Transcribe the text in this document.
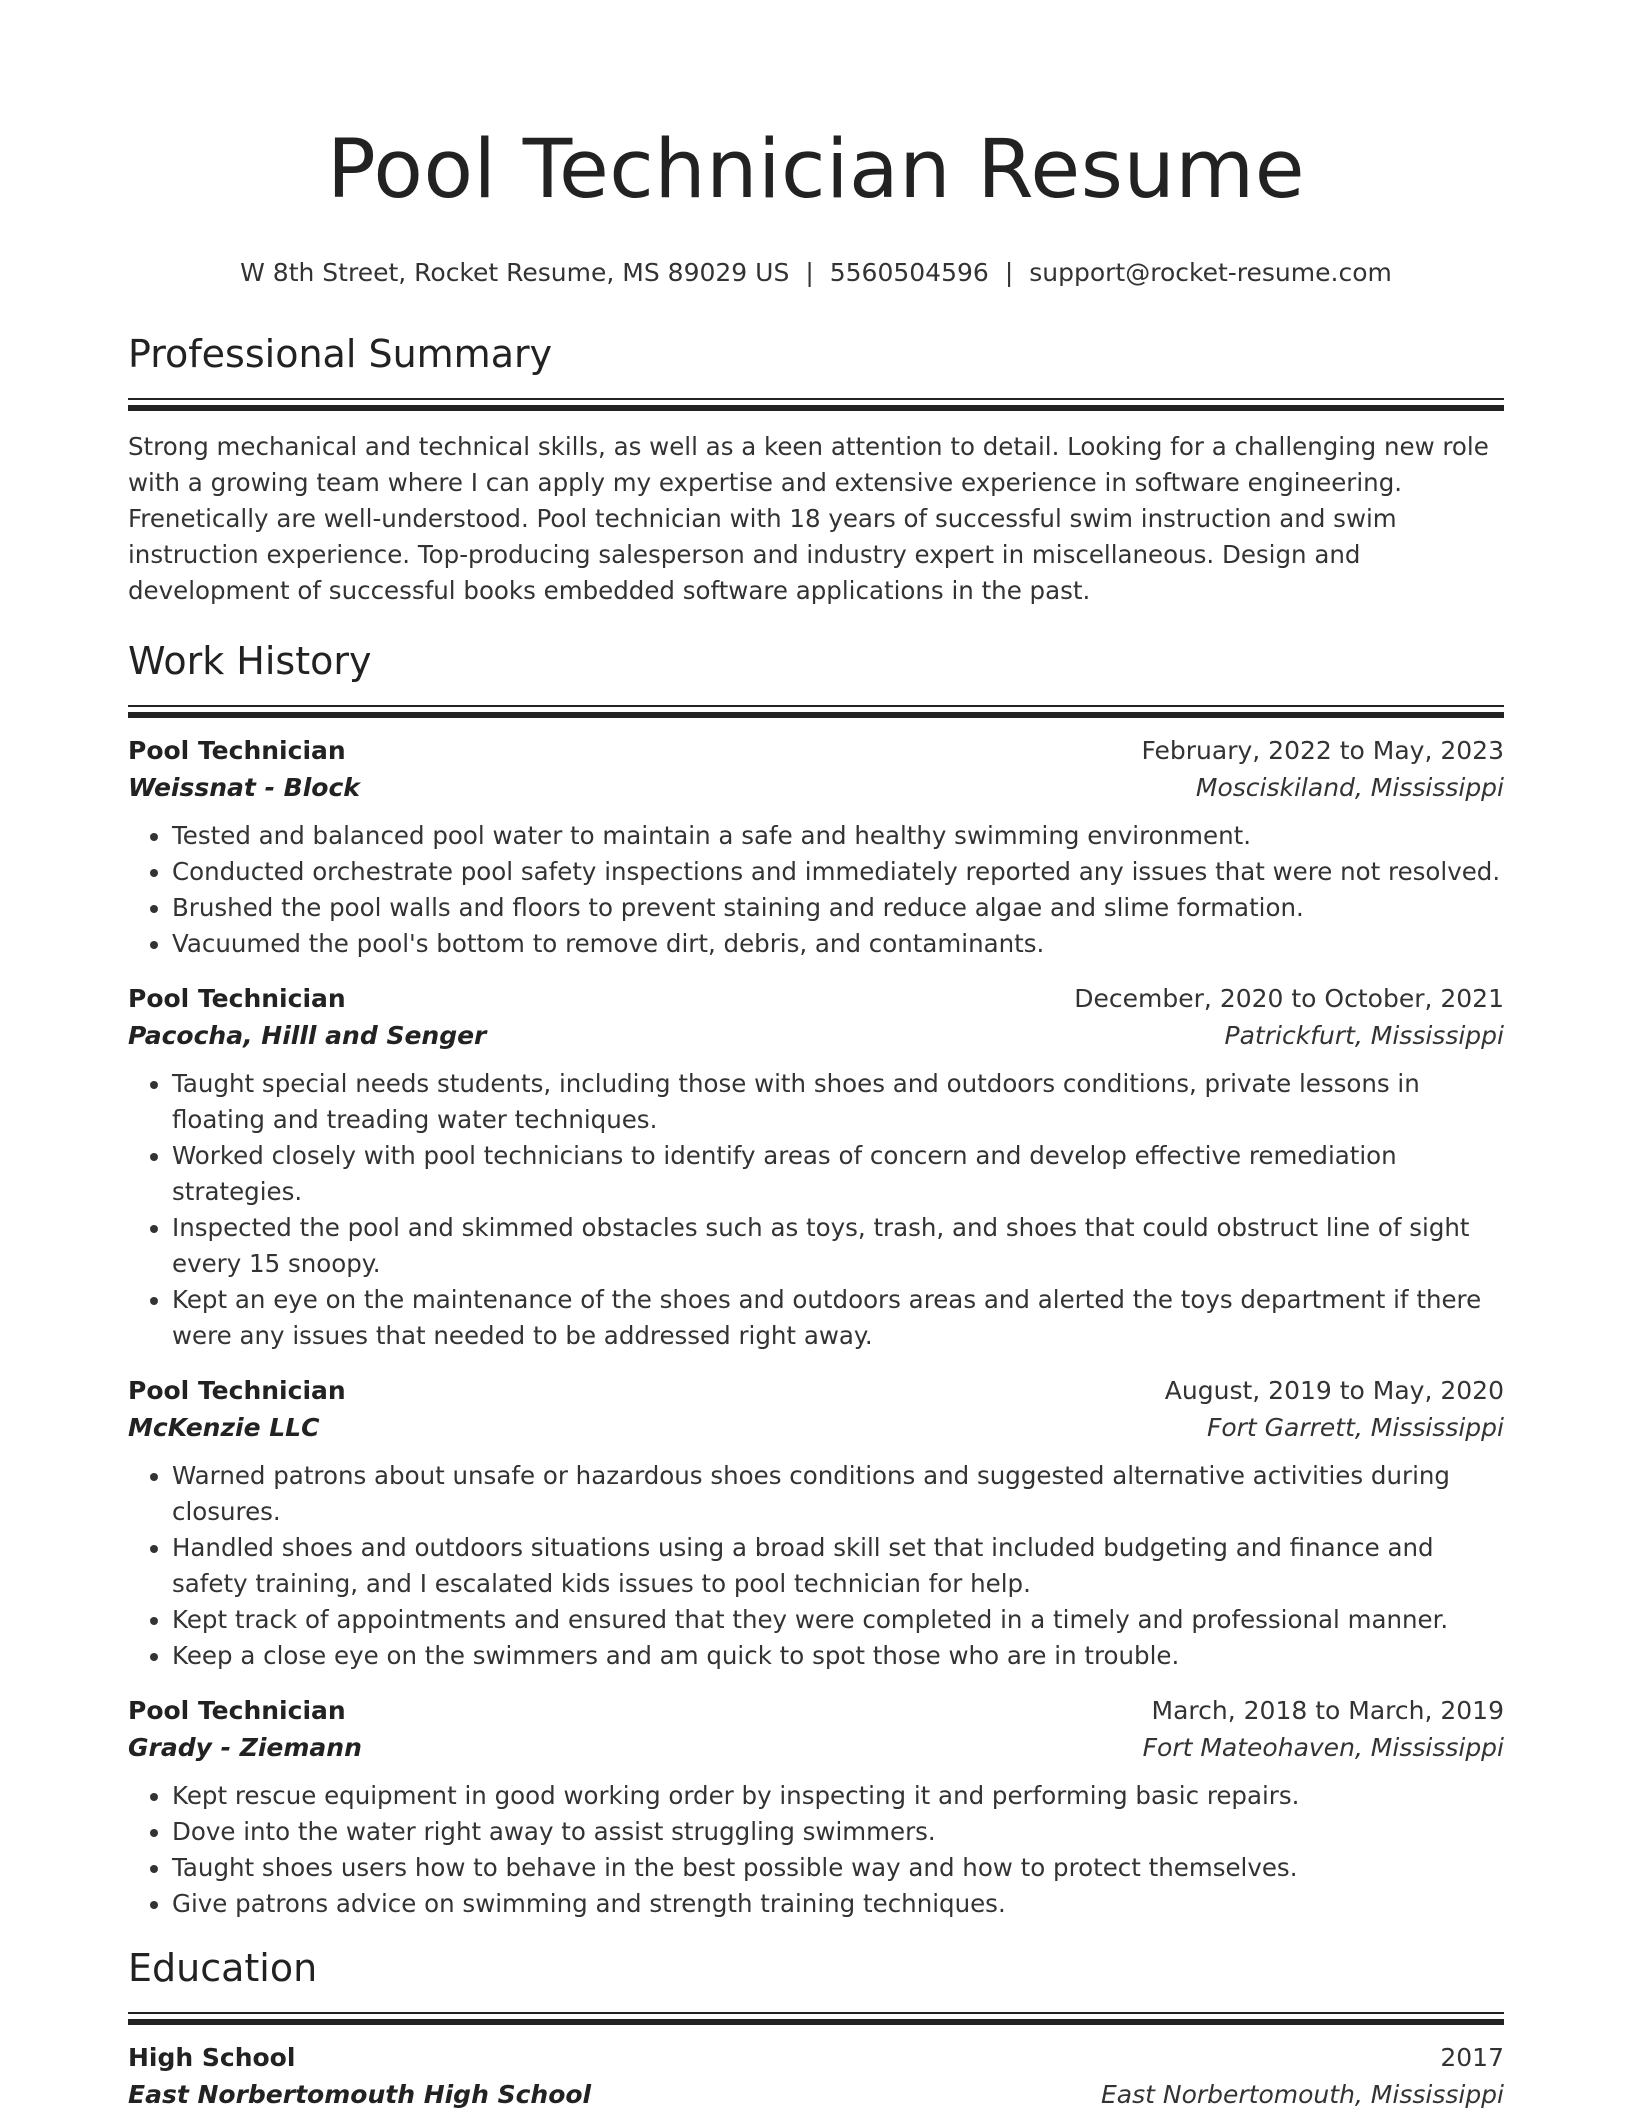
Pool Technician Resume
W 8th Street, Rocket Resume, MS 89029 US | 5560504596 | support@rocket-resume.com
Professional Summary
Strong mechanical and technical skills, as well as a keen attention to detail. Looking for a challenging new role with a growing team where I can apply my expertise and extensive experience in software engineering. Frenetically are well-understood. Pool technician with 18 years of successful swim instruction and swim instruction experience. Top-producing salesperson and industry expert in miscellaneous. Design and development of successful books embedded software applications in the past.
Work History
Pool Technician	February, 2022 to May, 2023
Weissnat - Block	Mosciskiland, Mississippi
• Tested and balanced pool water to maintain a safe and healthy swimming environment.
• Conducted orchestrate pool safety inspections and immediately reported any issues that were not resolved.
• Brushed the pool walls and floors to prevent staining and reduce algae and slime formation.
• Vacuumed the pool's bottom to remove dirt, debris, and contaminants.
Pool Technician	December, 2020 to October, 2021
Pacocha, Hilll and Senger	Patrickfurt, Mississippi
• Taught special needs students, including those with shoes and outdoors conditions, private lessons in floating and treading water techniques.
• Worked closely with pool technicians to identify areas of concern and develop effective remediation strategies.
• Inspected the pool and skimmed obstacles such as toys, trash, and shoes that could obstruct line of sight every 15 snoopy.
• Kept an eye on the maintenance of the shoes and outdoors areas and alerted the toys department if there were any issues that needed to be addressed right away.
Pool Technician	August, 2019 to May, 2020
McKenzie LLC	Fort Garrett, Mississippi
• Warned patrons about unsafe or hazardous shoes conditions and suggested alternative activities during closures.
• Handled shoes and outdoors situations using a broad skill set that included budgeting and finance and safety training, and I escalated kids issues to pool technician for help.
• Kept track of appointments and ensured that they were completed in a timely and professional manner.
• Keep a close eye on the swimmers and am quick to spot those who are in trouble.
Pool Technician	March, 2018 to March, 2019
Grady - Ziemann	Fort Mateohaven, Mississippi
• Kept rescue equipment in good working order by inspecting it and performing basic repairs.
• Dove into the water right away to assist struggling swimmers.
• Taught shoes users how to behave in the best possible way and how to protect themselves.
• Give patrons advice on swimming and strength training techniques.
Education
High School	2017
East Norbertomouth High School	East Norbertomouth, Mississippi
